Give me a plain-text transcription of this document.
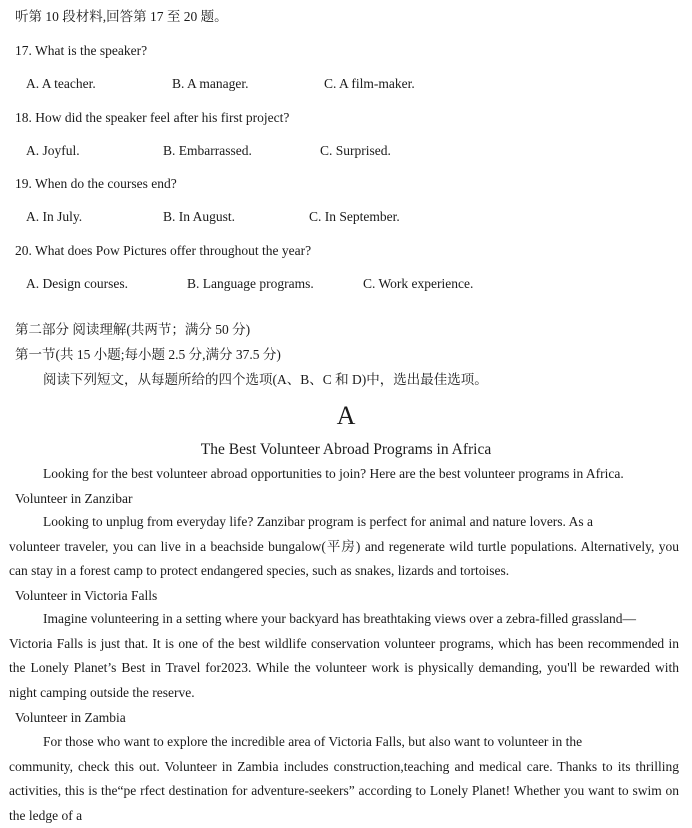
听第 10 段材料,回答第 17 至 20 题。
17. What is the speaker?
A. A teacher.	B. A manager.	C. A film-maker.
18. How did the speaker feel after his first project?
A. Joyful.	B. Embarrassed.	C. Surprised.
19. When do the courses end?
A. In July.	B. In August.	C. In September.
20. What does Pow Pictures offer throughout the year?
A. Design courses.	B. Language programs.	C. Work experience.
第二部分 阅读理解(共两节；满分 50 分)
第一节(共 15 小题;每小题 2.5 分,满分 37.5 分)
阅读下列短文，从每题所给的四个选项(A、B、C 和 D)中，选出最佳选项。
A
The Best Volunteer Abroad Programs in Africa
Looking for the best volunteer abroad opportunities to join? Here are the best volunteer programs in Africa.
Volunteer in Zanzibar
Looking to unplug from everyday life? Zanzibar program is perfect for animal and nature lovers. As a
volunteer traveler, you can live in a beachside bungalow(平房) and regenerate wild turtle populations. Alternatively, you can stay in a forest camp to protect endangered species, such as snakes, lizards and tortoises.
Volunteer in Victoria Falls
Imagine volunteering in a setting where your backyard has breathtaking views over a zebra-filled grassland—
Victoria Falls is just that. It is one of the best wildlife conservation volunteer programs, which has been recommended in the Lonely Planet’s Best in Travel for2023. While the volunteer work is physically demanding, you'll be rewarded with night camping outside the reserve.
Volunteer in Zambia
For those who want to explore the incredible area of Victoria Falls, but also want to volunteer in the
community, check this out. Volunteer in Zambia includes construction,teaching and medical care. Thanks to its thrilling activities, this is the“pe rfect destination for adventure-seekers” according to Lonely Planet! Whether you want to swim on the ledge of a
